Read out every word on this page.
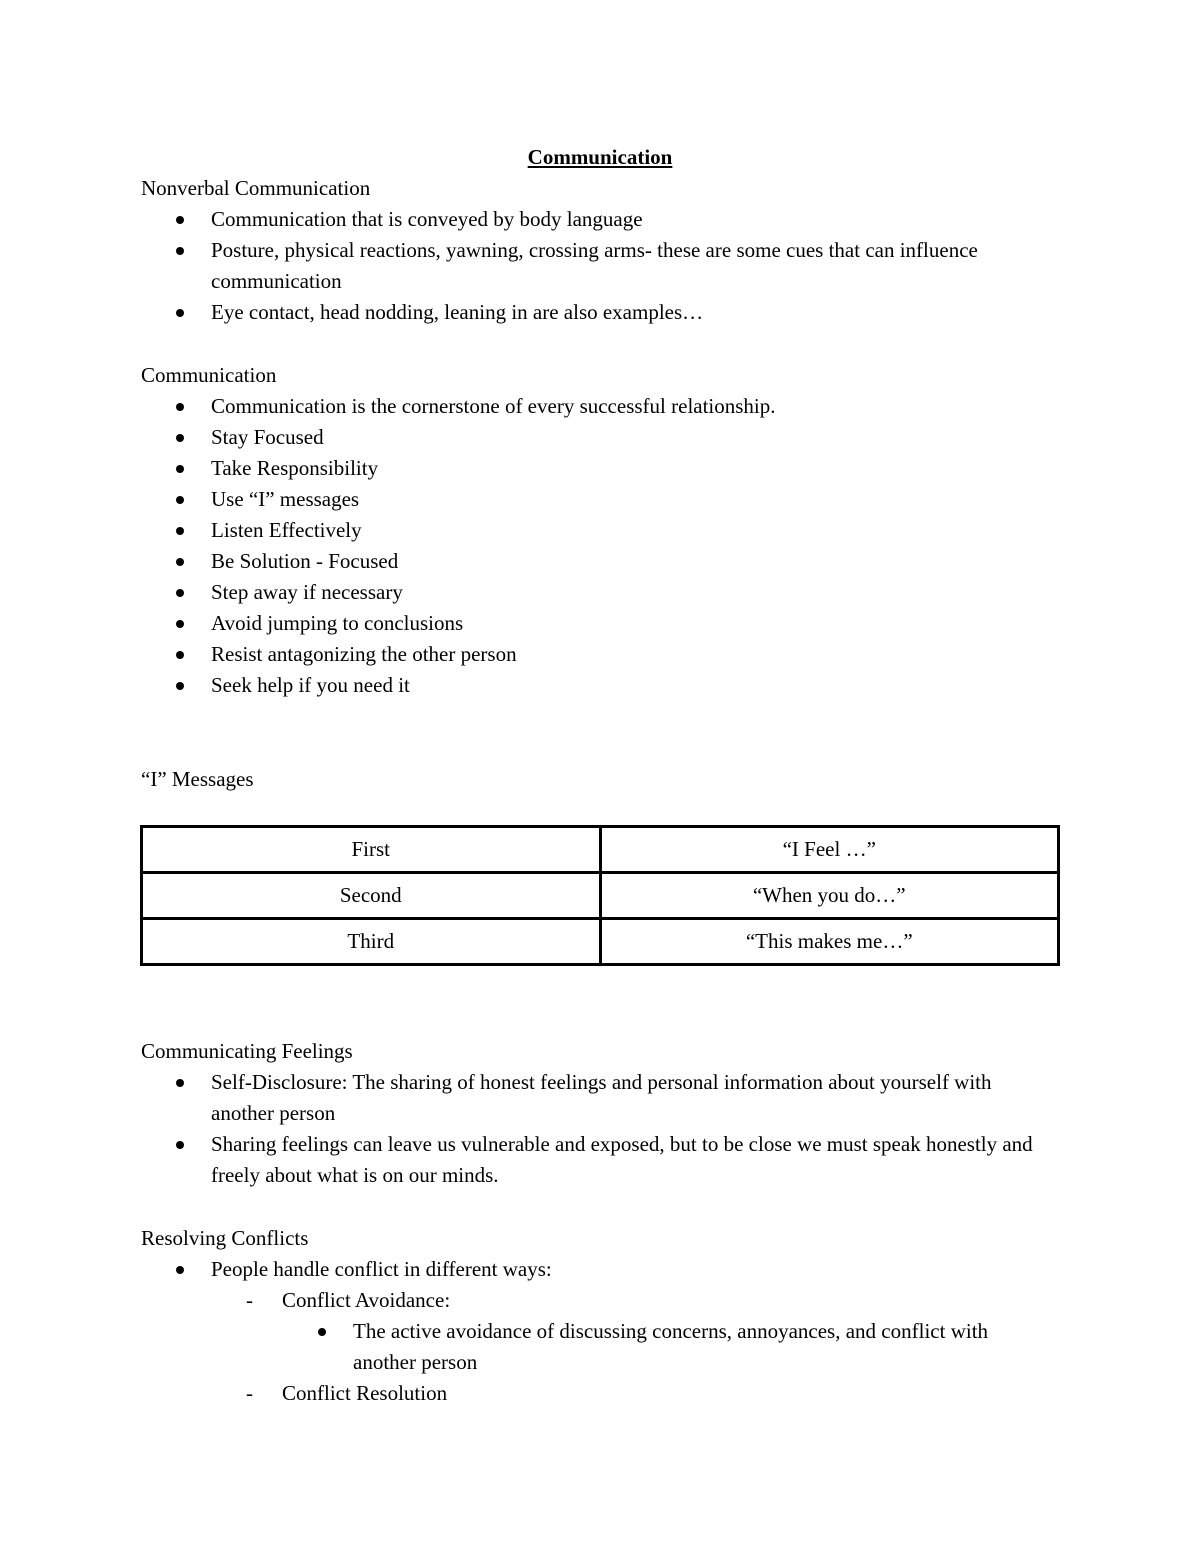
Communication
Nonverbal Communication
Communication that is conveyed by body language
Posture, physical reactions, yawning, crossing arms- these are some cues that can influence communication
Eye contact, head nodding, leaning in are also examples…
Communication
Communication is the cornerstone of every successful relationship.
Stay Focused
Take Responsibility
Use “I” messages
Listen Effectively
Be Solution - Focused
Step away if necessary
Avoid jumping to conclusions
Resist antagonizing the other person
Seek help if you need it
“I” Messages
First	“I Feel …”
Second	“When you do…”
Third	“This makes me…”
Communicating Feelings
Self-Disclosure: The sharing of honest feelings and personal information about yourself with another person
Sharing feelings can leave us vulnerable and exposed, but to be close we must speak honestly and freely about what is on our minds.
Resolving Conflicts
People handle conflict in different ways:
- Conflict Avoidance:
The active avoidance of discussing concerns, annoyances, and conflict with another person
- Conflict Resolution
